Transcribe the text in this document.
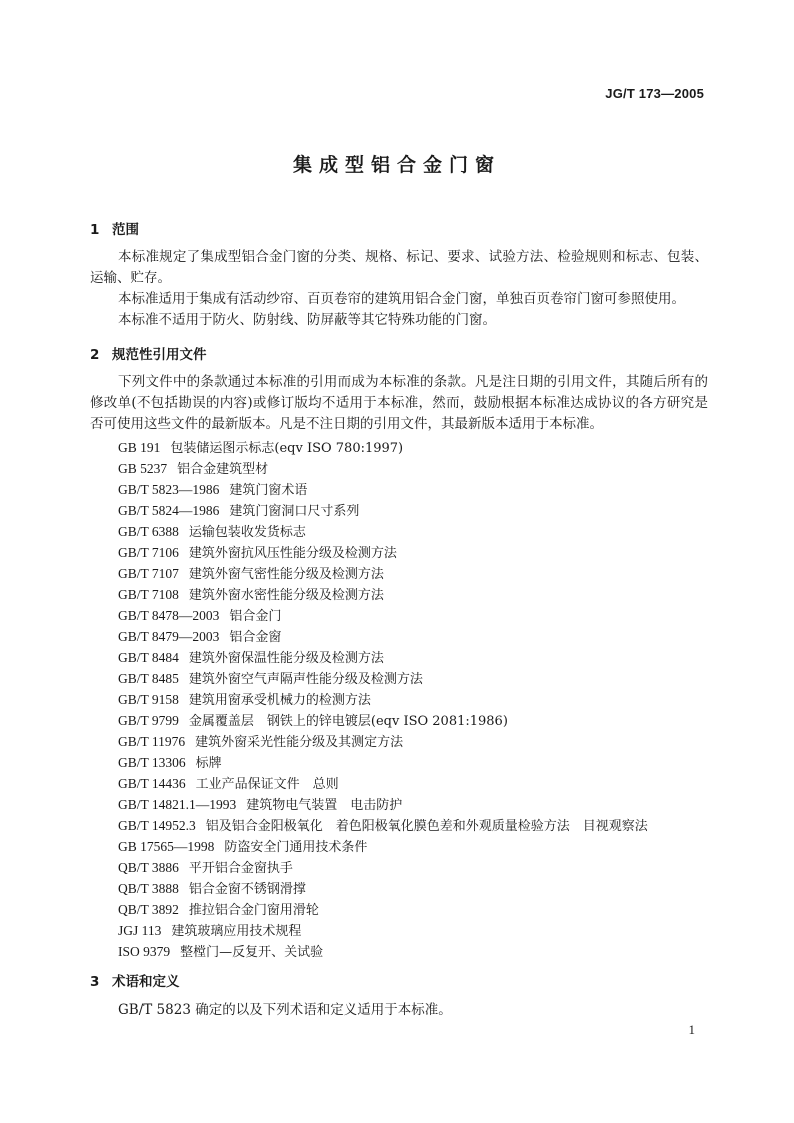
JG/T 173—2005
集成型铝合金门窗
1 范围

本标准规定了集成型铝合金门窗的分类、规格、标记、要求、试验方法、检验规则和标志、包装、运输、贮存。

本标准适用于集成有活动纱帘、百页卷帘的建筑用铝合金门窗，单独百页卷帘门窗可参照使用。

本标准不适用于防火、防射线、防屏蔽等其它特殊功能的门窗。

2 规范性引用文件

下列文件中的条款通过本标准的引用而成为本标准的条款。凡是注日期的引用文件，其随后所有的修改单(不包括勘误的内容)或修订版均不适用于本标准，然而，鼓励根据本标准达成协议的各方研究是否可使用这些文件的最新版本。凡是不注日期的引用文件，其最新版本适用于本标准。

GB 191 包装储运图示标志(eqv ISO 780:1997)
GB 5237 铝合金建筑型材
GB/T 5823—1986 建筑门窗术语
GB/T 5824—1986 建筑门窗洞口尺寸系列
GB/T 6388 运输包装收发货标志
GB/T 7106 建筑外窗抗风压性能分级及检测方法
GB/T 7107 建筑外窗气密性能分级及检测方法
GB/T 7108 建筑外窗水密性能分级及检测方法
GB/T 8478—2003 铝合金门
GB/T 8479—2003 铝合金窗
GB/T 8484 建筑外窗保温性能分级及检测方法
GB/T 8485 建筑外窗空气声隔声性能分级及检测方法
GB/T 9158 建筑用窗承受机械力的检测方法
GB/T 9799 金属覆盖层　钢铁上的锌电镀层(eqv ISO 2081:1986)
GB/T 11976 建筑外窗采光性能分级及其测定方法
GB/T 13306 标牌
GB/T 14436 工业产品保证文件　总则
GB/T 14821.1—1993 建筑物电气装置　电击防护
GB/T 14952.3 铝及铝合金阳极氧化　着色阳极氧化膜色差和外观质量检验方法　目视观察法
GB 17565—1998 防盗安全门通用技术条件
QB/T 3886 平开铝合金窗执手
QB/T 3888 铝合金窗不锈钢滑撑
QB/T 3892 推拉铝合金门窗用滑轮
JGJ 113 建筑玻璃应用技术规程
ISO 9379 整樘门—反复开、关试验
3 术语和定义

GB/T 5823 确定的以及下列术语和定义适用于本标准。

1
